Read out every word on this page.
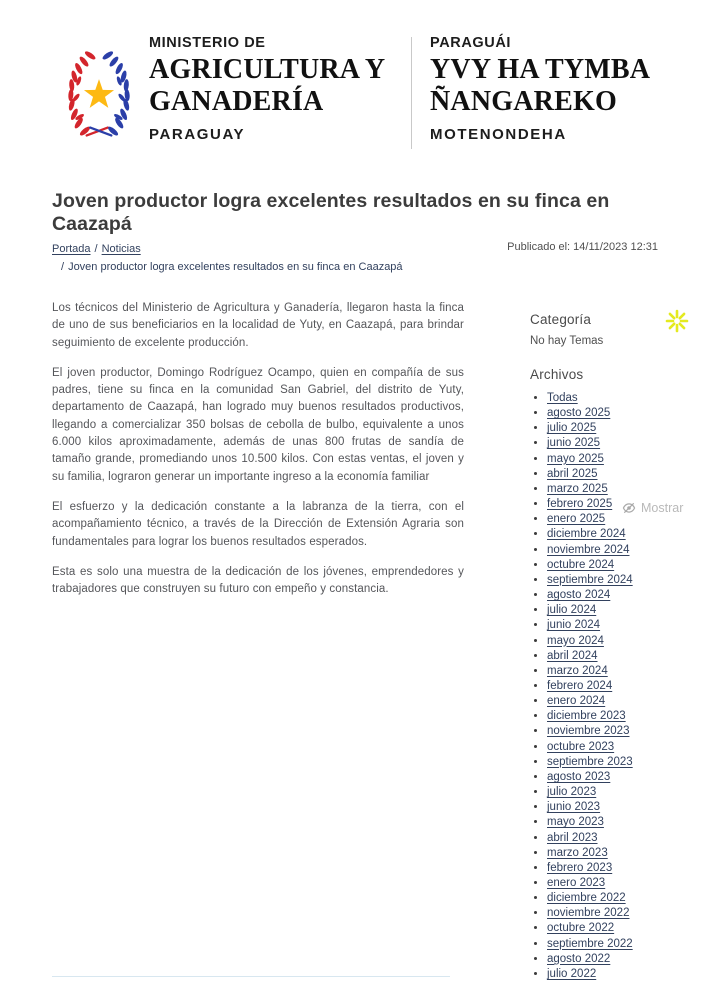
MINISTERIO DE
AGRICULTURA Y
GANADERÍA
PARAGUAY
PARAGUÁI
YVY HA TYMBA
ÑANGAREKO
MOTENONDEHA
Joven productor logra excelentes resultados en su finca en Caazapá
Portada / Noticias
/ Joven productor logra excelentes resultados en su finca en Caazapá
Publicado el: 14/11/2023 12:31

Los técnicos del Ministerio de Agricultura y Ganadería, llegaron hasta la finca de uno de sus beneficiarios en la localidad de Yuty, en Caazapá, para brindar seguimiento de excelente producción.

El joven productor, Domingo Rodríguez Ocampo, quien en compañía de sus padres, tiene su finca en la comunidad San Gabriel, del distrito de Yuty, departamento de Caazapá, han logrado muy buenos resultados productivos, llegando a comercializar 350 bolsas de cebolla de bulbo, equivalente a unos 6.000 kilos aproximadamente, además de unas 800 frutas de sandía de tamaño grande, promediando unos 10.500 kilos. Con estas ventas, el joven y su familia, lograron generar un importante ingreso a la economía familiar

El esfuerzo y la dedicación constante a la labranza de la tierra, con el acompañamiento técnico, a través de la Dirección de Extensión Agraria son fundamentales para lograr los buenos resultados esperados.

Esta es solo una muestra de la dedicación de los jóvenes, emprendedores y trabajadores que construyen su futuro con empeño y constancia.

Categoría
No hay Temas
Archivos
• Todas
• agosto 2025
• julio 2025
• junio 2025
• mayo 2025
• abril 2025
• marzo 2025
• febrero 2025
• enero 2025
• diciembre 2024
• noviembre 2024
• octubre 2024
• septiembre 2024
• agosto 2024
• julio 2024
• junio 2024
• mayo 2024
• abril 2024
• marzo 2024
• febrero 2024
• enero 2024
• diciembre 2023
• noviembre 2023
• octubre 2023
• septiembre 2023
• agosto 2023
• julio 2023
• junio 2023
• mayo 2023
• abril 2023
• marzo 2023
• febrero 2023
• enero 2023
• diciembre 2022
• noviembre 2022
• octubre 2022
• septiembre 2022
• agosto 2022
• julio 2022
Mostrar
